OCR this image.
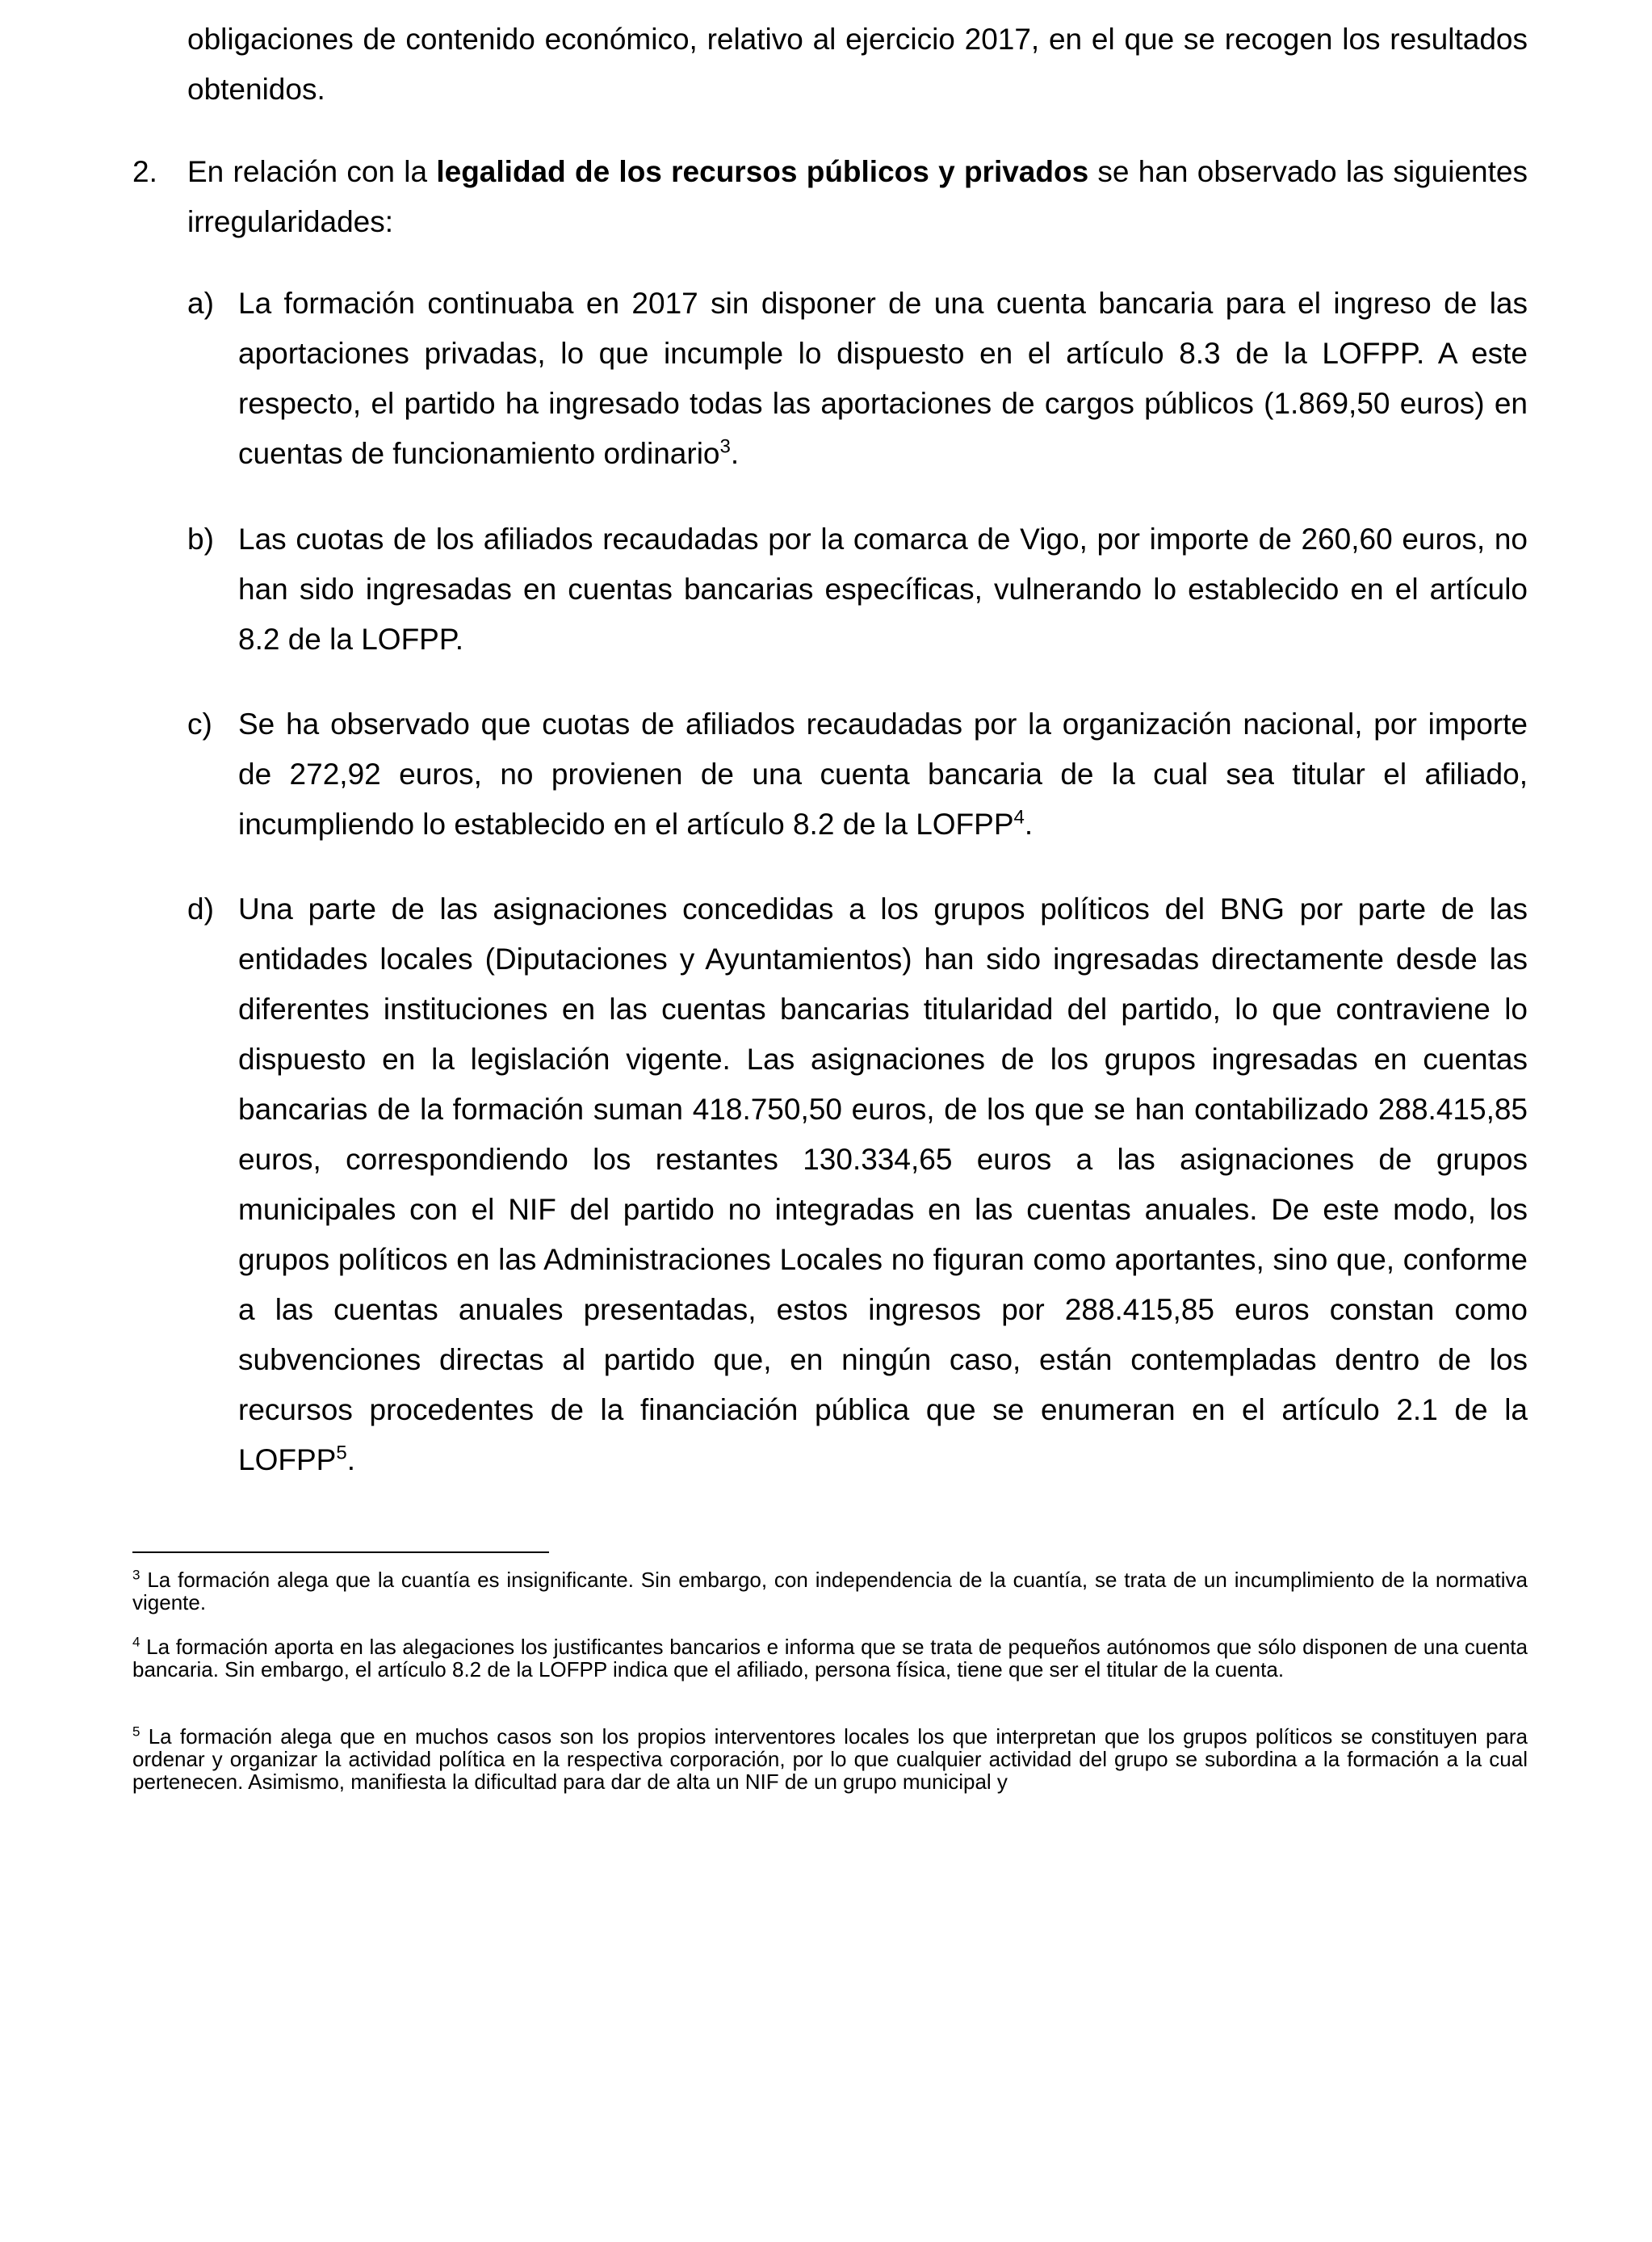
obligaciones de contenido económico, relativo al ejercicio 2017, en el que se recogen los resultados obtenidos.

2. En relación con la legalidad de los recursos públicos y privados se han observado las siguientes irregularidades:

a) La formación continuaba en 2017 sin disponer de una cuenta bancaria para el ingreso de las aportaciones privadas, lo que incumple lo dispuesto en el artículo 8.3 de la LOFPP. A este respecto, el partido ha ingresado todas las aportaciones de cargos públicos (1.869,50 euros) en cuentas de funcionamiento ordinario$^3$.

b) Las cuotas de los afiliados recaudadas por la comarca de Vigo, por importe de 260,60 euros, no han sido ingresadas en cuentas bancarias específicas, vulnerando lo establecido en el artículo 8.2 de la LOFPP.

c) Se ha observado que cuotas de afiliados recaudadas por la organización nacional, por importe de 272,92 euros, no provienen de una cuenta bancaria de la cual sea titular el afiliado, incumpliendo lo establecido en el artículo 8.2 de la LOFPP$^4$.

d) Una parte de las asignaciones concedidas a los grupos políticos del BNG por parte de las entidades locales (Diputaciones y Ayuntamientos) han sido ingresadas directamente desde las diferentes instituciones en las cuentas bancarias titularidad del partido, lo que contraviene lo dispuesto en la legislación vigente. Las asignaciones de los grupos ingresadas en cuentas bancarias de la formación suman 418.750,50 euros, de los que se han contabilizado 288.415,85 euros, correspondiendo los restantes 130.334,65 euros a las asignaciones de grupos municipales con el NIF del partido no integradas en las cuentas anuales. De este modo, los grupos políticos en las Administraciones Locales no figuran como aportantes, sino que, conforme a las cuentas anuales presentadas, estos ingresos por 288.415,85 euros constan como subvenciones directas al partido que, en ningún caso, están contempladas dentro de los recursos procedentes de la financiación pública que se enumeran en el artículo 2.1 de la LOFPP$^5$.

$^3$ La formación alega que la cuantía es insignificante. Sin embargo, con independencia de la cuantía, se trata de un incumplimiento de la normativa vigente.

$^4$ La formación aporta en las alegaciones los justificantes bancarios e informa que se trata de pequeños autónomos que sólo disponen de una cuenta bancaria. Sin embargo, el artículo 8.2 de la LOFPP indica que el afiliado, persona física, tiene que ser el titular de la cuenta.

$^5$ La formación alega que en muchos casos son los propios interventores locales los que interpretan que los grupos políticos se constituyen para ordenar y organizar la actividad política en la respectiva corporación, por lo que cualquier actividad del grupo se subordina a la formación a la cual pertenecen. Asimismo, manifiesta la dificultad para dar de alta un NIF de un grupo municipal y
